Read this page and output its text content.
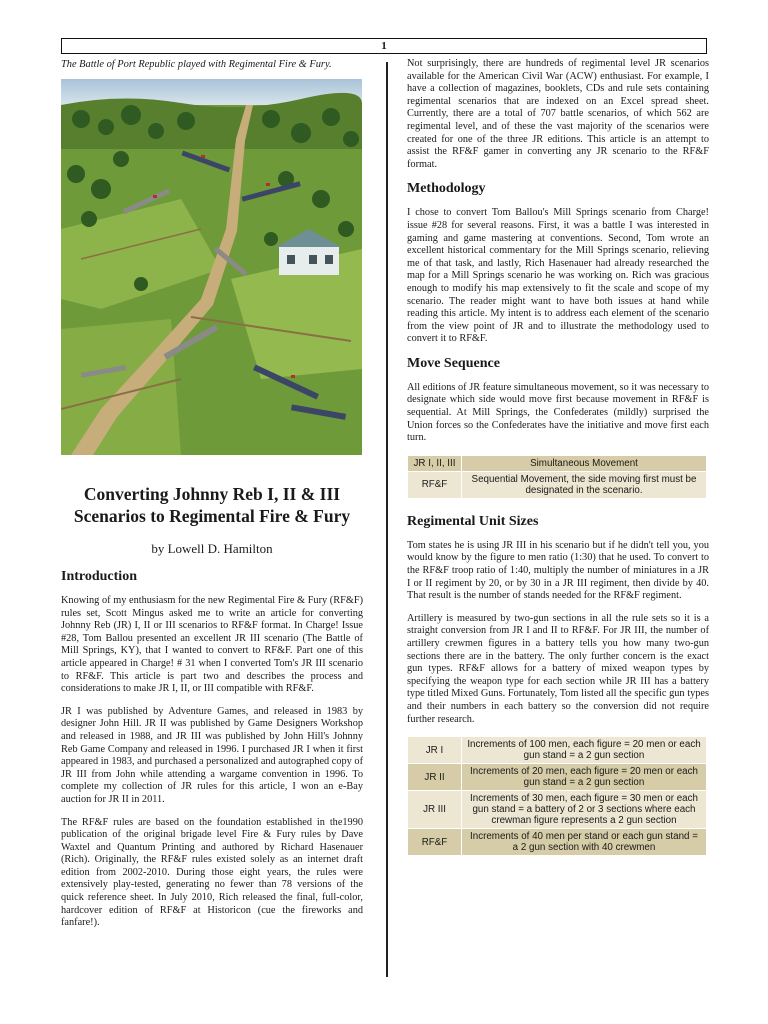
1
The Battle of Port Republic played with Regimental Fire & Fury.
Converting Johnny Reb I, II & III
Scenarios to Regimental Fire & Fury
by Lowell D. Hamilton
Introduction

Knowing of my enthusiasm for the new Regimental Fire & Fury (RF&F) rules set, Scott Mingus asked me to write an article for converting Johnny Reb (JR) I, II or III scenarios to RF&F format. In Charge! Issue #28, Tom Ballou presented an excellent JR III scenario (The Battle of Mill Springs, KY), that I wanted to convert to RF&F. Part one of this article appeared in Charge! # 31 when I converted Tom's JR III scenario to RF&F. This article is part two and describes the process and considerations to make JR I, II, or III compatible with RF&F.

JR I was published by Adventure Games, and released in 1983 by designer John Hill. JR II was published by Game Designers Workshop and released in 1988, and JR III was published by John Hill's Johnny Reb Game Company and released in 1996. I purchased JR I when it first appeared in 1983, and purchased a personalized and autographed copy of JR III from John while attending a wargame convention in 1996. To complete my collection of JR rules for this article, I won an e-Bay auction for JR II in 2011.

The RF&F rules are based on the foundation established in the1990 publication of the original brigade level Fire & Fury rules by Dave Waxtel and Quantum Printing and authored by Richard Hasenauer (Rich). Originally, the RF&F rules existed solely as an internet draft edition from 2002-2010. During those eight years, the rules were extensively play-tested, generating no fewer than 78 versions of the quick reference sheet. In July 2010, Rich released the final, full-color, hardcover edition of RF&F at Historicon (cue the fireworks and fanfare!).

Not surprisingly, there are hundreds of regimental level JR scenarios available for the American Civil War (ACW) enthusiast. For example, I have a collection of magazines, booklets, CDs and rule sets containing regimental scenarios that are indexed on an Excel spread sheet. Currently, there are a total of 707 battle scenarios, of which 562 are regimental level, and of these the vast majority of the scenarios were created for one of the three JR editions. This article is an attempt to assist the RF&F gamer in converting any JR scenario to the RF&F format.

Methodology

I chose to convert Tom Ballou's Mill Springs scenario from Charge! issue #28 for several reasons. First, it was a battle I was interested in gaming and game mastering at conventions. Second, Tom wrote an excellent historical commentary for the Mill Springs scenario, relieving me of that task, and lastly, Rich Hasenauer had already researched the map for a Mill Springs scenario he was working on. Rich was gracious enough to modify his map extensively to fit the scale and scope of my scenario. The reader might want to have both issues at hand while reading this article. My intent is to address each element of the scenario from the view point of JR and to illustrate the methodology used to convert it to RF&F.

Move Sequence

All editions of JR feature simultaneous movement, so it was necessary to designate which side would move first because movement in RF&F is sequential. At Mill Springs, the Confederates (mildly) surprised the Union forces so the Confederates have the initiative and move first each turn.

JR I, II, III	Simultaneous Movement
RF&F	Sequential Movement, the side moving first must be designated in the scenario.
Regimental Unit Sizes

Tom states he is using JR III in his scenario but if he didn't tell you, you would know by the figure to men ratio (1:30) that he used. To convert to the RF&F troop ratio of 1:40, multiply the number of miniatures in a JR I or II regiment by 20, or by 30 in a JR III regiment, then divide by 40. That result is the number of stands needed for the RF&F regiment.

Artillery is measured by two-gun sections in all the rule sets so it is a straight conversion from JR I and II to RF&F. For JR III, the number of artillery crewmen figures in a battery tells you how many two-gun sections there are in the battery. The only further concern is the exact gun types. RF&F allows for a battery of mixed weapon types by specifying the weapon type for each section while JR III has a battery type titled Mixed Guns. Fortunately, Tom listed all the specific gun types and their numbers in each battery so the conversion did not require further research.

JR I	Increments of 100 men, each figure = 20 men or each gun stand = a 2 gun section
JR II	Increments of 20 men, each figure = 20 men or each gun stand = a 2 gun section
JR III	Increments of 30 men, each figure = 30 men or each gun stand = a battery of 2 or 3 sections where each crewman figure represents a 2 gun section
RF&F	Increments of 40 men per stand or each gun stand = a 2 gun section with 40 crewmen
